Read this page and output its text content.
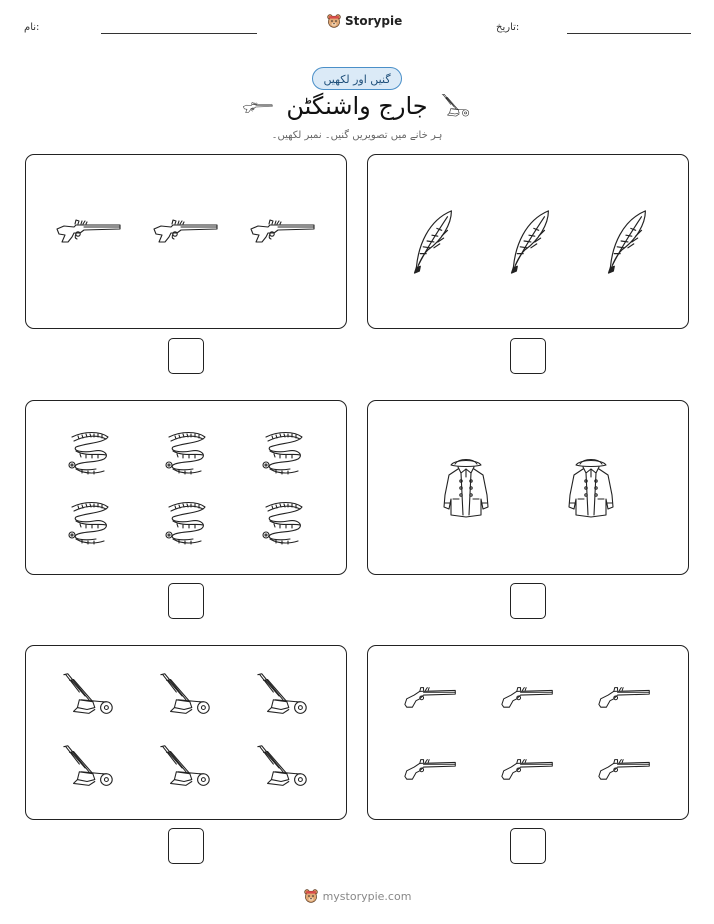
نام:	Storypie	تاریخ:
گنیں اور لکھیں
جارج واشنگٹن
ہر خانے میں تصویریں گنیں۔ نمبر لکھیں۔
mystorypie.com
